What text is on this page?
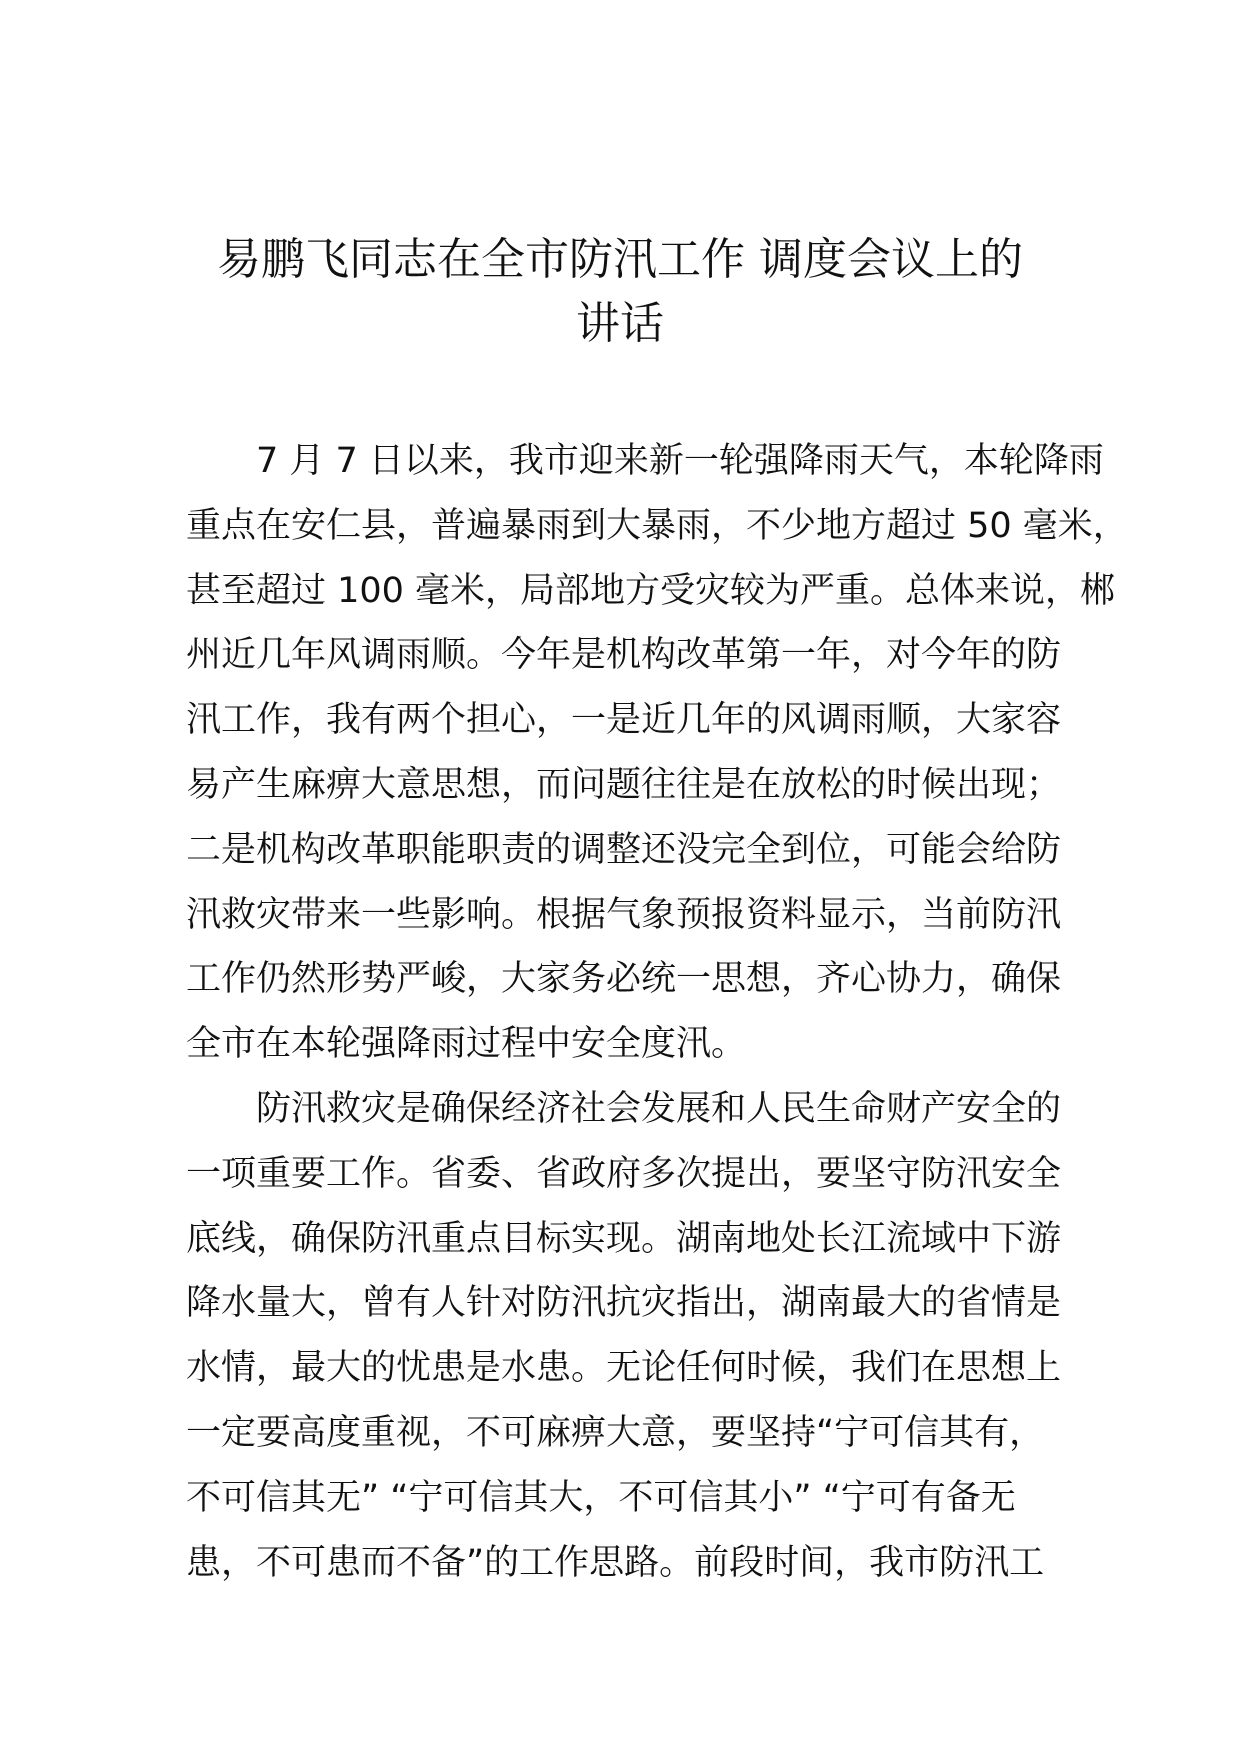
易鹏飞同志在全市防汛工作 调度会议上的
讲话
7 月 7 日以来，我市迎来新一轮强降雨天气，本轮降雨
重点在安仁县，普遍暴雨到大暴雨，不少地方超过 50 毫米，
甚至超过 100 毫米，局部地方受灾较为严重。总体来说，郴
州近几年风调雨顺。今年是机构改革第一年，对今年的防
汛工作，我有两个担心，一是近几年的风调雨顺，大家容
易产生麻痹大意思想，而问题往往是在放松的时候出现；
二是机构改革职能职责的调整还没完全到位，可能会给防
汛救灾带来一些影响。根据气象预报资料显示，当前防汛
工作仍然形势严峻，大家务必统一思想，齐心协力，确保
全市在本轮强降雨过程中安全度汛。
防汛救灾是确保经济社会发展和人民生命财产安全的
一项重要工作。省委、省政府多次提出，要坚守防汛安全
底线，确保防汛重点目标实现。湖南地处长江流域中下游
降水量大，曾有人针对防汛抗灾指出，湖南最大的省情是
水情，最大的忧患是水患。无论任何时候，我们在思想上
一定要高度重视，不可麻痹大意，要坚持“宁可信其有，
不可信其无” “宁可信其大，不可信其小” “宁可有备无
患，不可患而不备”的工作思路。前段时间，我市防汛工
